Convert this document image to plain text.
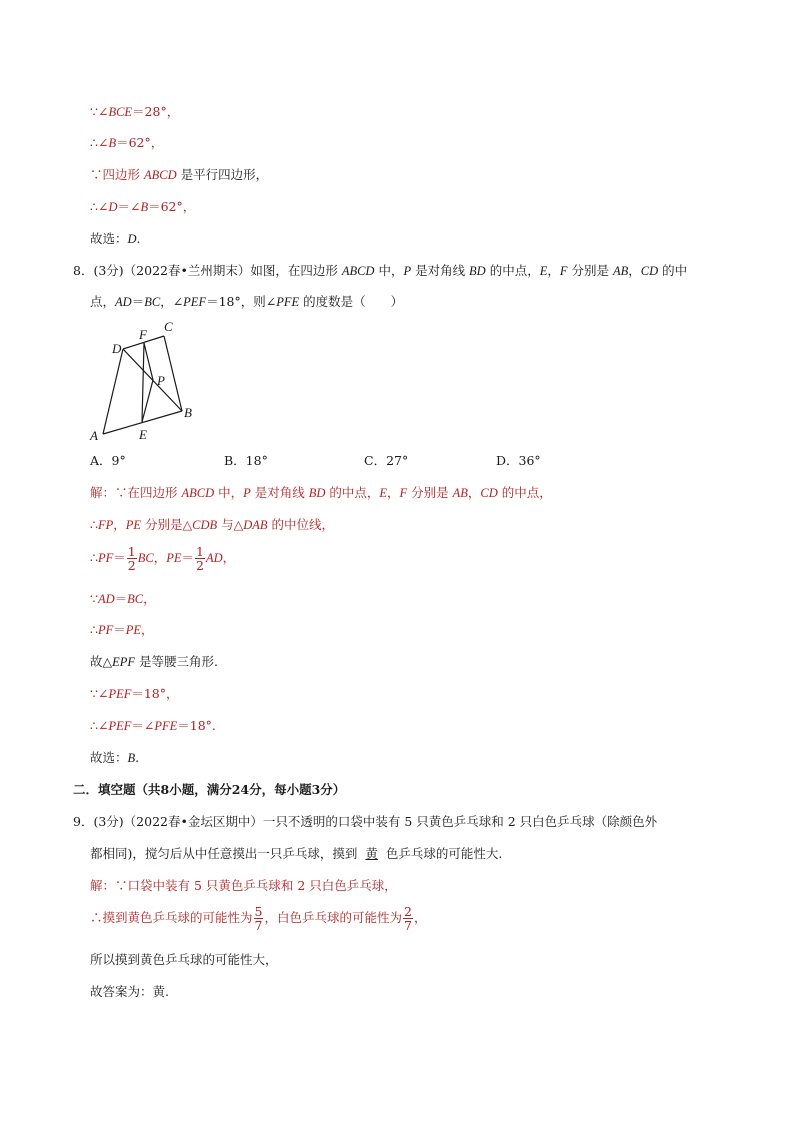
∵∠BCE＝28°，
∴∠B＝62°，
∵四边形 ABCD 是平行四边形，
∴∠D＝∠B＝62°，
故选：D.
8．(3分)（2022春•兰州期末）如图，在四边形 ABCD 中，P 是对角线 BD 的中点，E，F 分别是 AB，CD 的中
点，AD＝BC，∠PEF＝18°，则∠PFE 的度数是（　　）
A
B
C
D
E
F
P
A．9°	B．18°	C．27°	D．36°
解：∵在四边形 ABCD 中，P 是对角线 BD 的中点，E，F 分别是 AB，CD 的中点，
∴FP，PE 分别是△CDB 与△DAB 的中位线，
∴PF＝ $\frac{1}{2}$ BC，$PE= \frac{1}{2}$ AD，
∵AD＝BC，
∴PF＝PE，
故△EPF 是等腰三角形.
∵∠PEF＝18°，
∴∠PEF＝∠PFE＝18°.
故选：B.
二．填空题（共8小题，满分24分，每小题3分）
9．(3分)（2022春•金坛区期中）一只不透明的口袋中装有 5 只黄色乒乓球和 2 只白色乒乓球（除颜色外
都相同)，搅匀后从中任意摸出一只乒乓球，摸到 黄 色乒乓球的可能性大.
解：∵口袋中装有 5 只黄色乒乓球和 2 只白色乒乓球，
∴摸到黄色乒乓球的可能性为 $\frac{5}{7}$ ，白色乒乓球的可能性为 $\frac{2}{7}$ ，
所以摸到黄色乒乓球的可能性大，
故答案为：黄.
